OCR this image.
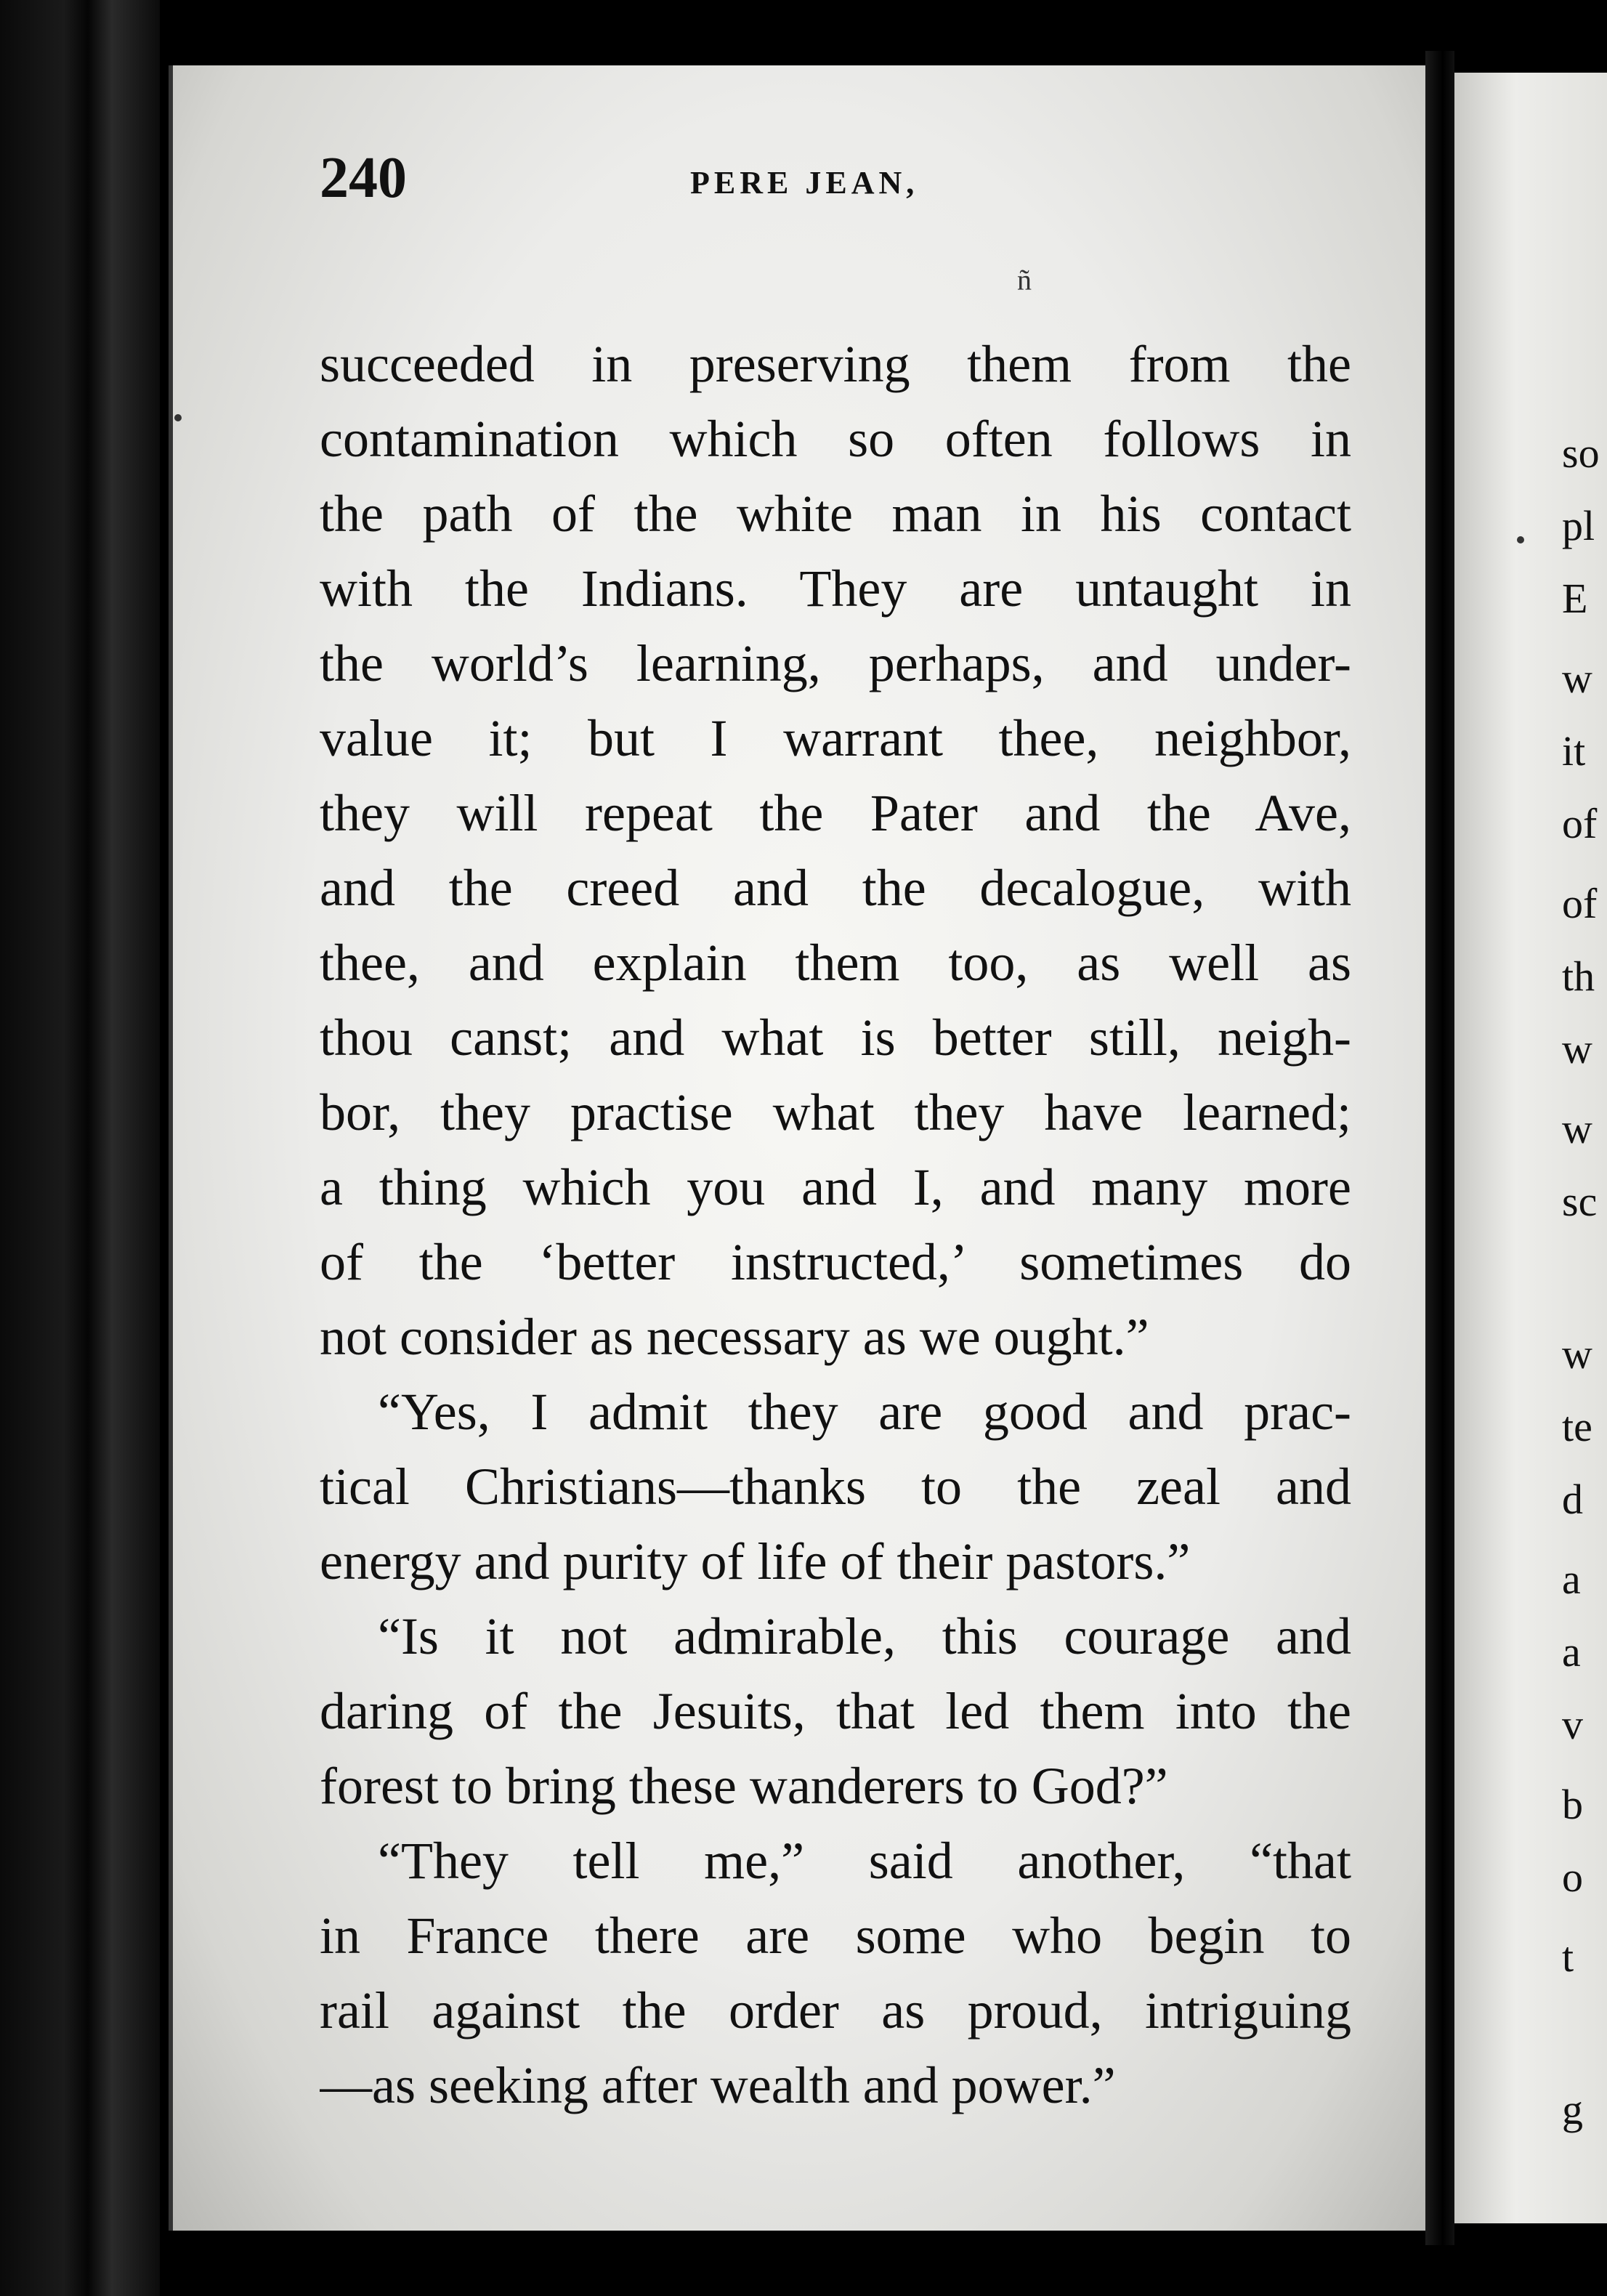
so
pl
E
w
it
of
of
th
w
w
sc
w
te
d
a
a
v
b
o
t
g
240	PERE JEAN,
ñ
succeeded in preserving them from the
contamination which so often follows in
the path of the white man in his contact
with the Indians. They are untaught in
the world’s learning, perhaps, and under-
value it; but I warrant thee, neighbor,
they will repeat the Pater and the Ave,
and the creed and the decalogue, with
thee, and explain them too, as well as
thou canst; and what is better still, neigh-
bor, they practise what they have learned;
a thing which you and I, and many more
of the ‘better instructed,’ sometimes do
not consider as necessary as we ought.”
“Yes, I admit they are good and prac-
tical Christians—thanks to the zeal and
energy and purity of life of their pastors.”
“Is it not admirable, this courage and
daring of the Jesuits, that led them into the
forest to bring these wanderers to God?”
“They tell me,” said another, “that
in France there are some who begin to
rail against the order as proud, intriguing
—as seeking after wealth and power.”
